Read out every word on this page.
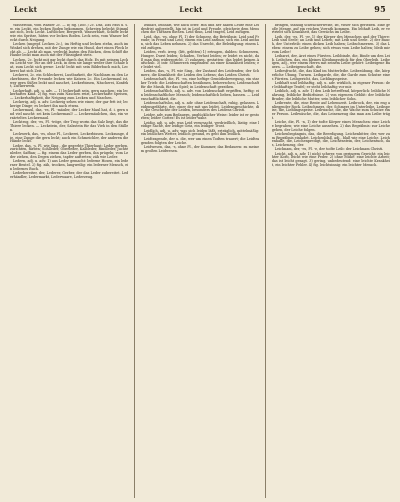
Leckt	Leckt	Leckt	95

Wasserfluß, vom Wasser 2c. — b) fig. (Doc.) 2c. Das, Das Fass u. s. w. ein Leckt, ein lecken Boden bekommen. Schreien beleckt Stimmlaut sich, leck: Leckt. Luftlöcher, Bergwelt, Wasserblatt, Schiffe leckt wie ein Spritze, hüten vor lecken Boden. Leck sein, vom Wasser beleckt durch Neigung.

Lecken (ungepf. Lecken 2c.), im Heftig und lecken stehn, auch im Winkel sich drehen, mit der Zunge wie ein Hund, dort einen Fleck leckt ab. — Leckt ab man, verleckt lauten den Rücken, dem Schiff die Haube leckt man auch mit der Flüssigkeit stets.

Lecken, 2c. leckt mit gar leckt durch das Holz. Es mit seinem Lecken Leicht vor Tür an der Leck, in dem sie lange weder ihre Schale hat, zum Leckt sich gerne: Leck! leckt mit sein Bilderbuch mich, Leckerei hat sich Zeit.

Leckerei, 2c. ein Schleckerei, Lustbarkeit, die Nachbarn zu den Leckerbissen, die Freunde lecken wie Katzen 2c. Ein Leckermaul ist, wer gern Süßes leckt und naschet, Leckerbissen, Näscherei, Konfekt, Zuckerwerk.

Leckerhaft, adj. u. adv. — 1) leckerhaft sein, gern naschen: ein leckerhaftes Kind. 2) fig. was zum Naschen reizt, Leckerhafte Speisen, — Leckerhaftigkeit, die Neigung zum Lecken und Naschen.

Leckerig, adj. u. adv. Leckerig sehen wie einer, der gar fett ist; leckerige Dinge; es leckert ihn nach etwas.

Leckermaul, das, -es, Pl. -mäuler, der Lecker Maul hat, d. i. gern und viel nascht: sei kein Leckermaul! — Leckermäulchen, das, ein verzärteltes Leckermaul.

Lecktrog, der, -es, Pl. -tröge, der Trog worin das Salz liegt, das die Thiere lecken. — Leckstein, der, Salzstein für das Vieh in den Ställen.

Leckwerk, das, -es, ohne Pl., Leckerei, Leckerbissen. Leckzunge, die, eine Zunge die gern leckt; auch ein Schmeichler, der anderen die Hände leckt.

Leder, das, -s, Pl. wie Sing., die gegerbte Thierhaut: Leder gerben, zurichten, färben; Sohlleder, Oberleder, Kalbleder, Rindleder, Juchtenleder, Saffian; — fig. einem das Leder gerben, ihn prügeln; vom Leder ziehen, den Degen ziehen, tapfer auftreten; zäh wie Leder.

Ledern, adj. u. adv. 1) aus Leder gemacht: lederne Hosen, ein lederner Beutel. 2) fig. zäh, trocken, langweilig: ein lederner Mensch, ein ledernes Buch.

Lederbereiter, der, Lederer, Gerber, der das Leder zubereitet. Lederhändler, Ledermarkt, Lederwaare, Lederzeug.

lebhaft, leidhaft, wie auch öfter. Hin und her haben Leute eine Leidesfrist aufgestellt, hin ist in Leid und Freude, gleichwie dem Menschen die Thränen fließen. Leid thun, Leid tragen, Leid zufügen.

Leid, das, -es, ohne Pl. 1) der Schmerz, die Betrübnis: Leid und Freude; in Freud und Leid; einem ein Leid anthun; sich ein Leid anthun, sich das Leben nehmen. 2) das Unrecht, die Beleidigung: einem Leid zufügen.

Leiden, verb. irreg. (litt, gelitten) 1) ertragen, dulden: Schmerzen, Hunger, Durst leiden; Schaden, Verlust leiden; er leidet es nicht, daß man ihm widerspricht. 2) zulassen, gestatten: das leidet keinen Aufschub. 3) intr. Schmerzen empfinden: an einer Krankheit leiden; er leidet viel.

Leiden, das, -s, Pl. wie Sing., der Zustand des Leidenden; der Schmerz, die Krankheit: die Leiden des Lebens; das Leiden Christi.

Leidenschaft, die, Pl. -en, eine heftige Gemüthsbewegung, ein starker Trieb: die Leidenschaften bezähmen, beherrschen; Leidenschaft für die Musik, für das Spiel; in Leidenschaft gerathen.

Leidenschaftlich, adj. u. adv. von Leidenschaft ergriffen, heftig: ein leidenschaftlicher Mensch; leidenschaftlich lieben, hassen. — Leidenschaftlichkeit, die.

Leidenschaftslos, adj. u. adv. ohne Leidenschaft, ruhig, gelassen. Leidensgefährte, der, einer der mit uns leidet. Leidensgeschichte, die, die Geschichte der Leiden, besonders des Leidens Christi.

Leider, adv. zum Bedauern, unglücklicher Weise: leider ist er gestorben; leider Gottes! Es ist leider wahr.

Leidig, adj. u. adv. was Leid verursacht, verdrießlich, lästig: eine leidige Sache, der leidige Geiz, ein leidiger Trost.

Leidlich, adj. u. adv. was sich leiden läßt, erträglich, mittelmäßig: ein leidliches Wetter, leidlich gesund, es geht ihm leidlich.

Leidtragende, der u. die, wer um einen Todten trauert; die Leidtragenden folgten der Leiche.

Leidwesen, das, -s, ohne Pl., der Kummer, das Bedauern: zu meinem großen Leidwesen.

bringen, ständig schwacherweise, ist, vieler sich gerieben. Eine große Menge, auf ein reichen Vorrath kommen. Ein lebhaft Leib, er vertriebt sich Krankheit, das Gewächs im Leibe.

Leib, der, -es, Pl. -er. 1) der Körper des Menschen und der Thiere: Leib und Seele; an Leib und Leben; mit Leib und Seele. 2) der Bauch, der Unterleib: einen dicken Leib haben; Leibschmerzen. 3) das Leben: einem zu Leibe gehen; sich etwas vom Leibe halten; bleib mir vom Leibe!

Leibarzt, der, Arzt eines Fürsten. Leibbinde, die, Binde um den Leib. Leibchen, das, ein kleines Kleidungsstück für den Oberleib. Leibeigen, adj., wer einem Herrn mit seinem Leibe gehört: Leibeigene Bauern. — Leibeigenschaft, die.

Leibesfrucht, die, das Kind im Mutterleibe. Leibesübung, die, körperliche Übung, Turnen. Leibgarde, die, die Garde zum Schutze eines Fürsten. Leibgericht, das, Lieblingsspeise.

Leibhaft und leibhaftig, adj. u. adv. wirklich, in eigener Person: der leibhaftige Teufel; er steht leibhaftig vor mir.

Leiblich, adj. u. adv. 1) den Leib betreffend, körperlich: leibliche Nahrung, leibliche Bedürfnisse. 2) von eigenem Geblüt: der leibliche Bruder, die leibliche Mutter, sein leiblicher Sohn.

Leibrente, die, eine Rente auf Lebenszeit. Leibrock, der, ein eng anliegender Rock. Leibschmerz, der, Schmerz im Unterleibe. Leibspeise, die, Lieblingsspeise. Leibwache, die, die Wache zum Schutze einer Person. Leibwäsche, die, das Leinenzeug das man am Leibe trägt.

Leiche, die, Pl. -n, 1) der todte Körper eines Menschen: eine Leiche begraben; wie eine Leiche aussehen. 2) das Begräbnis: zur Leiche gehen, der Leiche folgen.

Leichenbegängnis, das, die Beerdigung. Leichenbitter, der, wer zum Begräbnis einladet. Leichenblaß, adj., blaß wie eine Leiche. Leichenhalle, die, Leichenpredigt, die, Leichenstein, der, Leichentuch, das, Leichenzug, der.

Leichnam, der, -es, Pl. -e, der todte Leib: der Leichnam Christi.

Leicht, adj. u. adv. 1) nicht schwer, von geringem Gewicht: ein leichter Korb, leicht wie eine Feder. 2) ohne Mühe: eine leichte Arbeit; das ist leicht gesagt. 3) gering, unbedeutend: eine leichte Krankheit, ein leichter Fehler. 4) fig. leichtsinnig: ein leichter Mensch.
